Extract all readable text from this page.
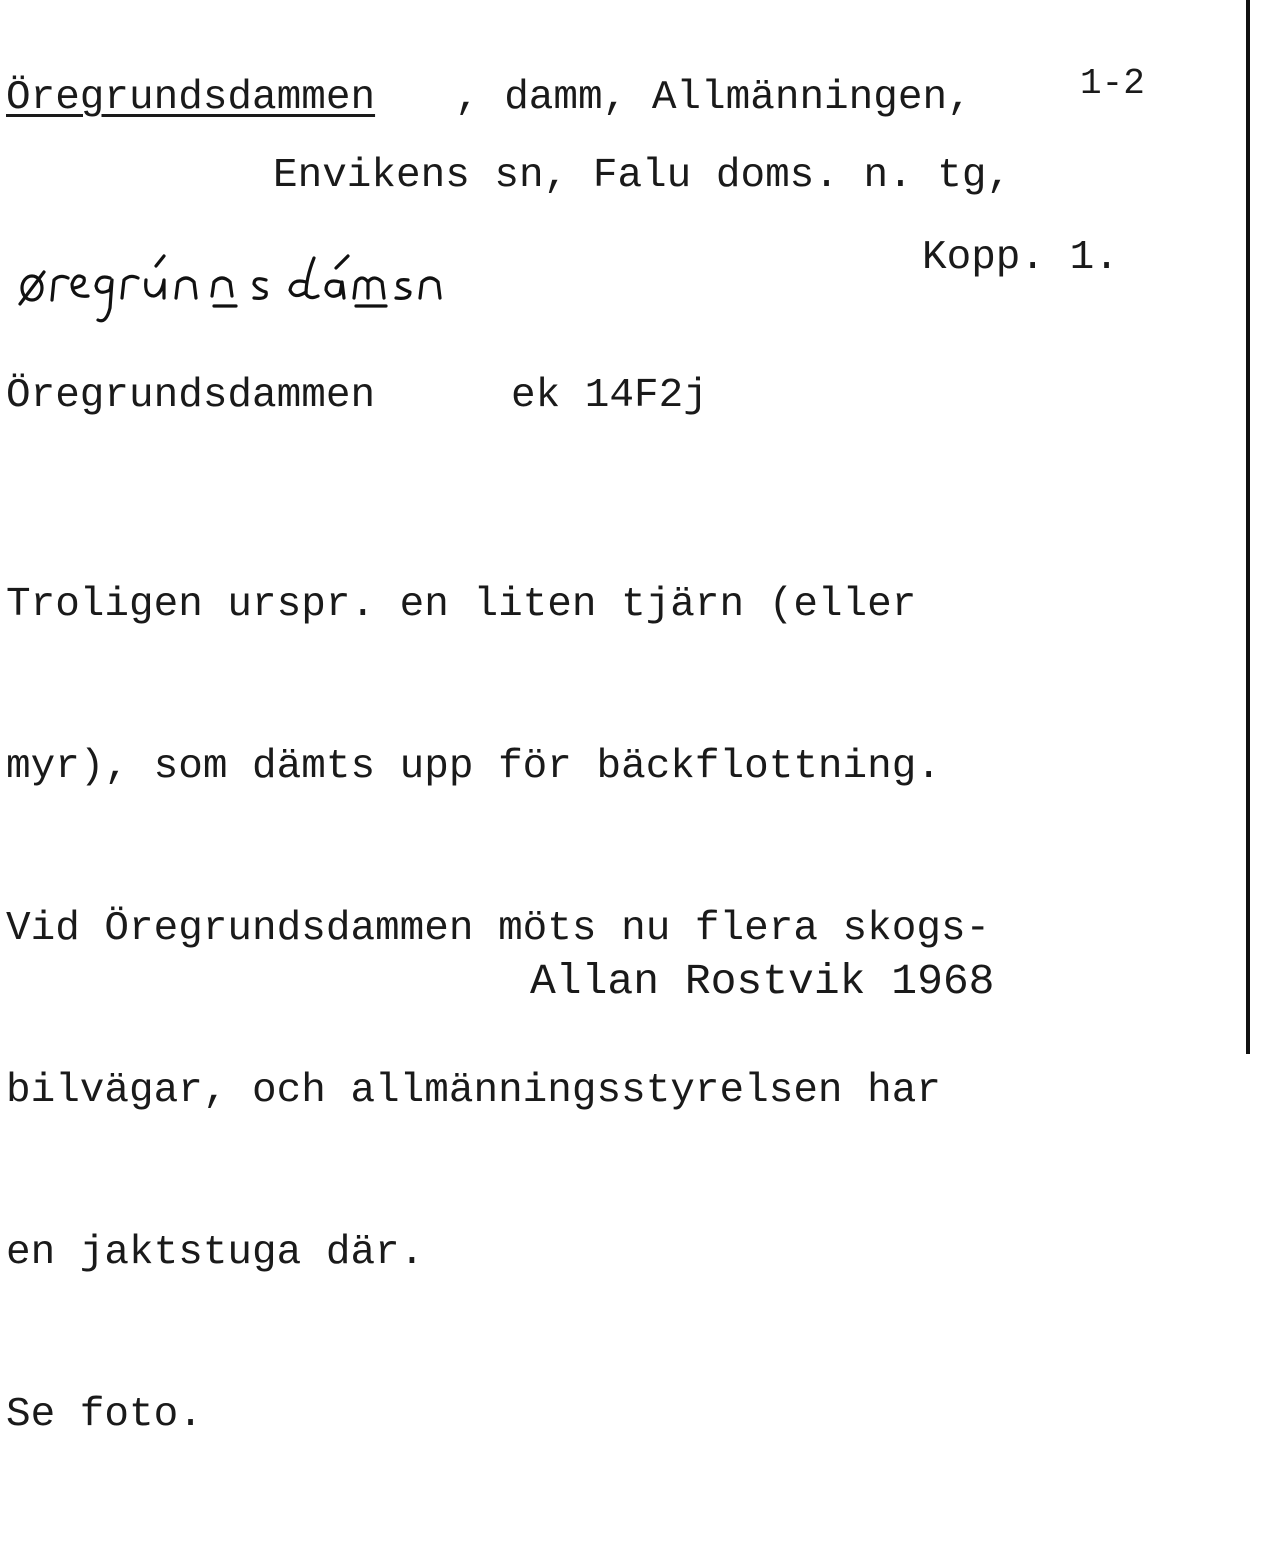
Öregrundsdammen , damm, Allmänningen,	1-2
Envikens sn, Falu doms. n. tg,
Kopp. 1.
Öregrundsdammen	ek 14F2j

Troligen urspr. en liten tjärn (eller

myr), som dämts upp för bäckflottning.

Vid Öregrundsdammen möts nu flera skogs-

bilvägar, och allmänningsstyrelsen har

en jaktstuga där.

Se foto.

Allan Rostvik 1968
